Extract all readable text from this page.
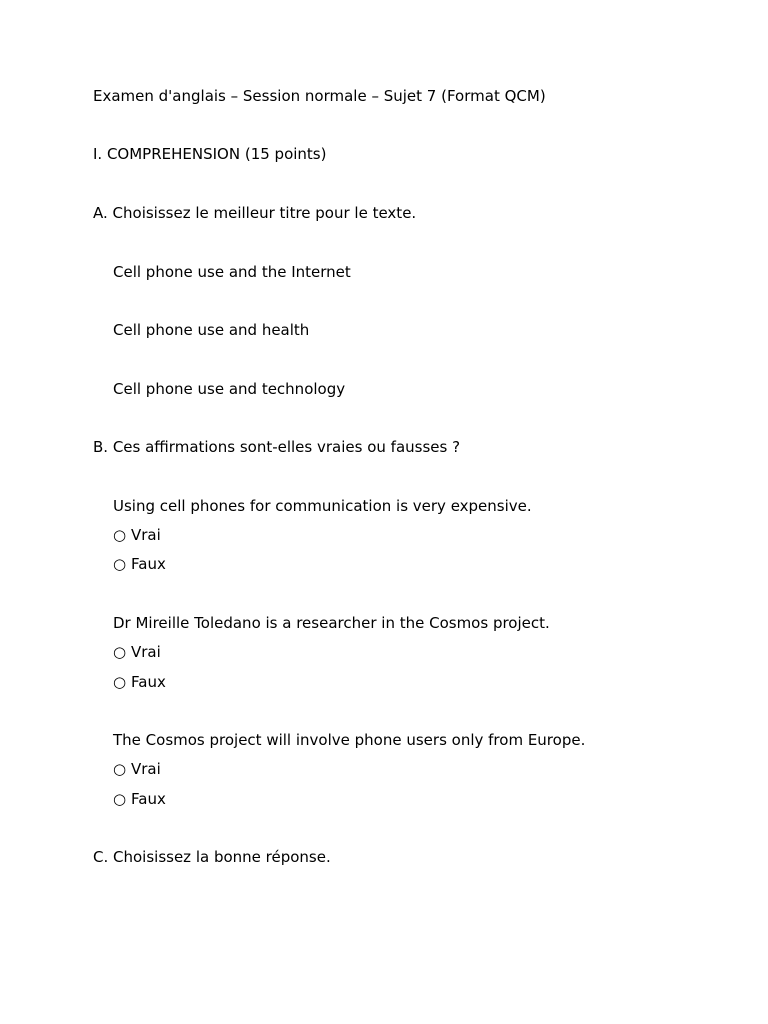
Examen d'anglais – Session normale – Sujet 7 (Format QCM)
I. COMPREHENSION (15 points)
A. Choisissez le meilleur titre pour le texte.
Cell phone use and the Internet
Cell phone use and health
Cell phone use and technology
B. Ces affirmations sont-elles vraies ou fausses ?
Using cell phones for communication is very expensive.
○ Vrai
○ Faux
Dr Mireille Toledano is a researcher in the Cosmos project.
○ Vrai
○ Faux
The Cosmos project will involve phone users only from Europe.
○ Vrai
○ Faux
C. Choisissez la bonne réponse.
